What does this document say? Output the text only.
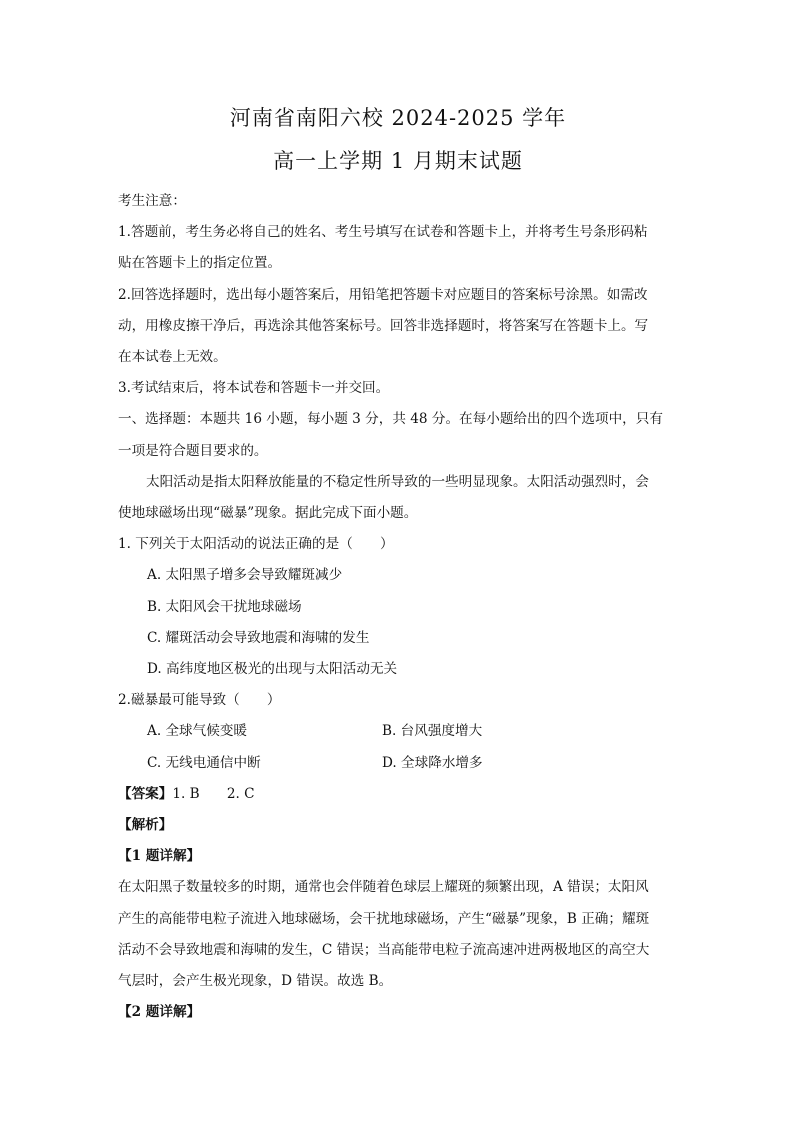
河南省南阳六校 2024-2025 学年
高一上学期 1 月期末试题
考生注意：
1.答题前，考生务必将自己的姓名、考生号填写在试卷和答题卡上，并将考生号条形码粘
贴在答题卡上的指定位置。
2.回答选择题时，选出每小题答案后，用铅笔把答题卡对应题目的答案标号涂黑。如需改
动，用橡皮擦干净后，再选涂其他答案标号。回答非选择题时，将答案写在答题卡上。写
在本试卷上无效。
3.考试结束后，将本试卷和答题卡一并交回。
一、选择题：本题共 16 小题，每小题 3 分，共 48 分。在每小题给出的四个选项中，只有
一项是符合题目要求的。
太阳活动是指太阳释放能量的不稳定性所导致的一些明显现象。太阳活动强烈时，会
使地球磁场出现“磁暴”现象。据此完成下面小题。
1. 下列关于太阳活动的说法正确的是（　　）
A. 太阳黑子增多会导致耀斑减少
B. 太阳风会干扰地球磁场
C. 耀斑活动会导致地震和海啸的发生
D. 高纬度地区极光的出现与太阳活动无关
2.磁暴最可能导致（　　）
A. 全球气候变暖	B. 台风强度增大
C. 无线电通信中断	D. 全球降水增多
【答案】1. B　　2. C
【解析】
【1 题详解】
在太阳黑子数量较多的时期，通常也会伴随着色球层上耀斑的频繁出现，A 错误；太阳风
产生的高能带电粒子流进入地球磁场，会干扰地球磁场，产生“磁暴”现象，B 正确；耀斑
活动不会导致地震和海啸的发生，C 错误；当高能带电粒子流高速冲进两极地区的高空大
气层时，会产生极光现象，D 错误。故选 B。
【2 题详解】
